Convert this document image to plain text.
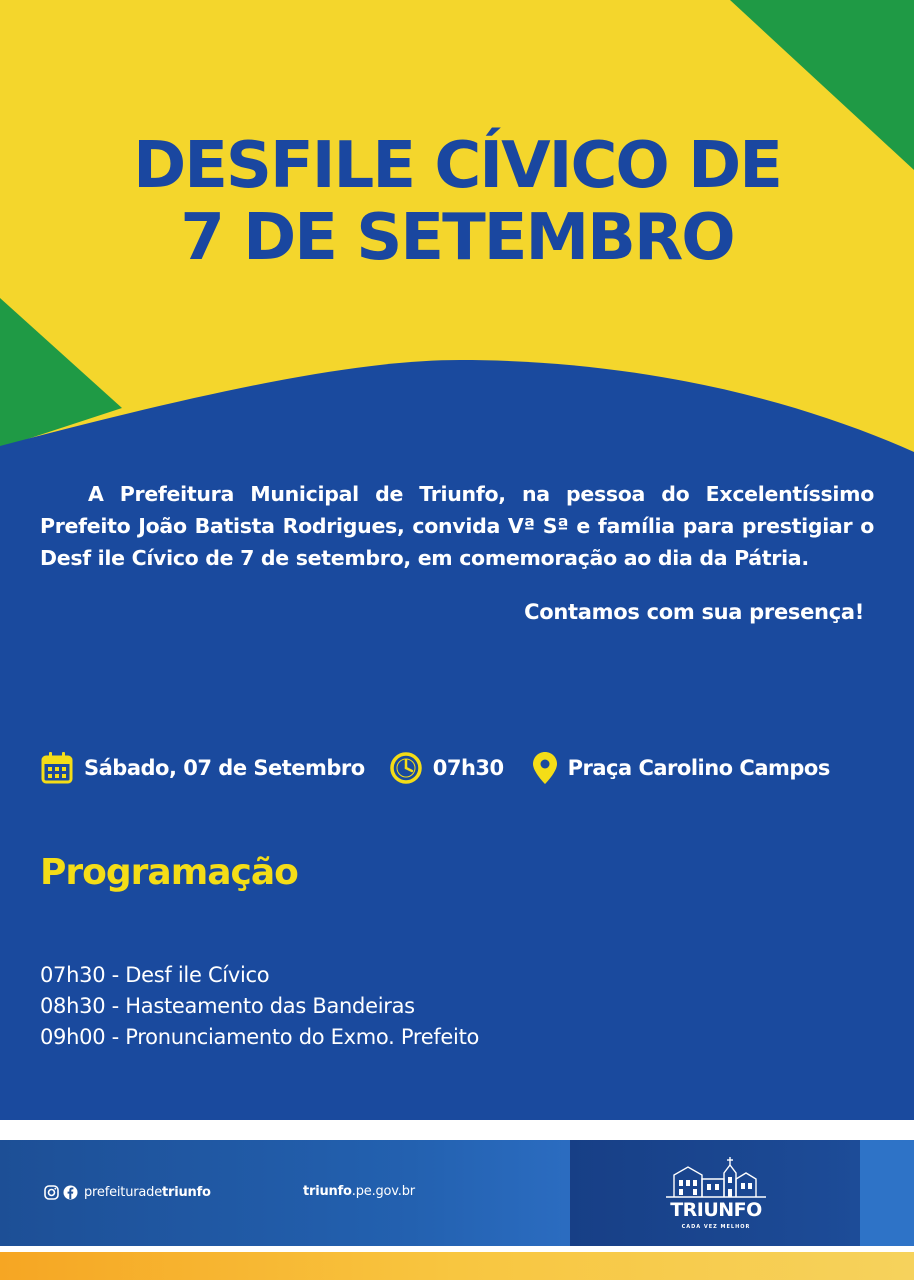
DESFILE CÍVICO DE
7 DE SETEMBRO

A Prefeitura Municipal de Triunfo, na pessoa do Excelentíssimo Prefeito João Batista Rodrigues, convida Vª Sª e família para prestigiar o Desf ile Cívico de 7 de setembro, em comemoração ao dia da Pátria.

Contamos com sua presença!

Sábado, 07 de Setembro	07h30	Praça Carolino Campos
Programação
07h30 - Desf ile Cívico
08h30 - Hasteamento das Bandeiras
09h00 - Pronunciamento do Exmo. Prefeito
prefeituradetriunfo	triunfo.pe.gov.br
TRIUNFO
CADA VEZ MELHOR
